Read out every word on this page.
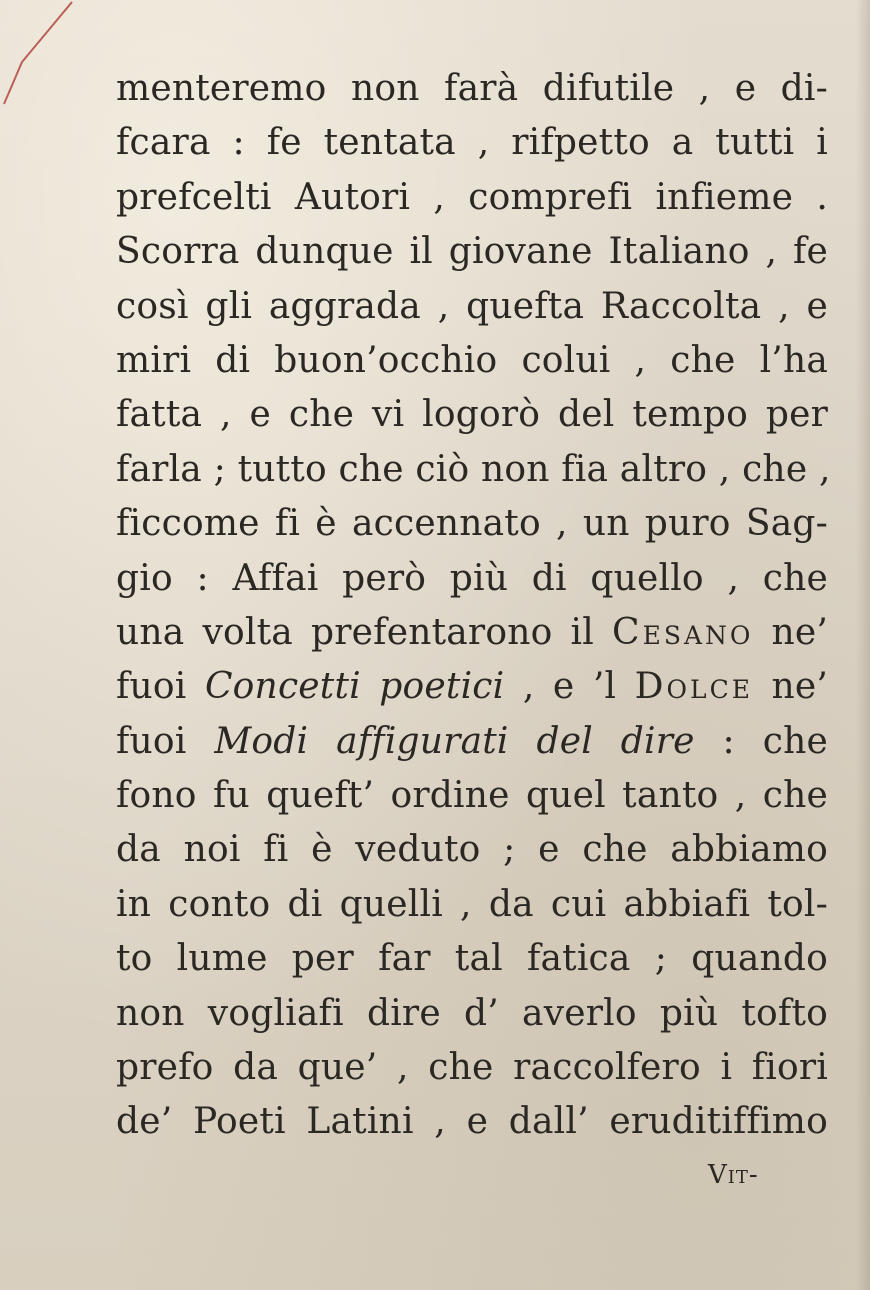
menteremo non farà difutile , e di-
fcara : fe tentata , rifpetto a tutti i
prefcelti Autori , comprefi infieme .
Scorra dunque il giovane Italiano , fe
così gli aggrada , quefta Raccolta , e
miri di buon’occhio colui , che l’ha
fatta , e che vi logorò del tempo per
farla ; tutto che ciò non fia altro , che ,
ficcome fi è accennato , un puro Sag-
gio : Affai però più di quello , che
una volta prefentarono il Cesano ne’
fuoi Concetti poetici , e ’l Dolce ne’
fuoi Modi affigurati del dire : che
fono fu queft’ ordine quel tanto , che
da noi fi è veduto ; e che abbiamo
in conto di quelli , da cui abbiafi tol-
to lume per far tal fatica ; quando
non vogliafi dire d’ averlo più tofto
prefo da que’ , che raccolfero i fiori
de’ Poeti Latini , e dall’ eruditiffimo
Vit-
